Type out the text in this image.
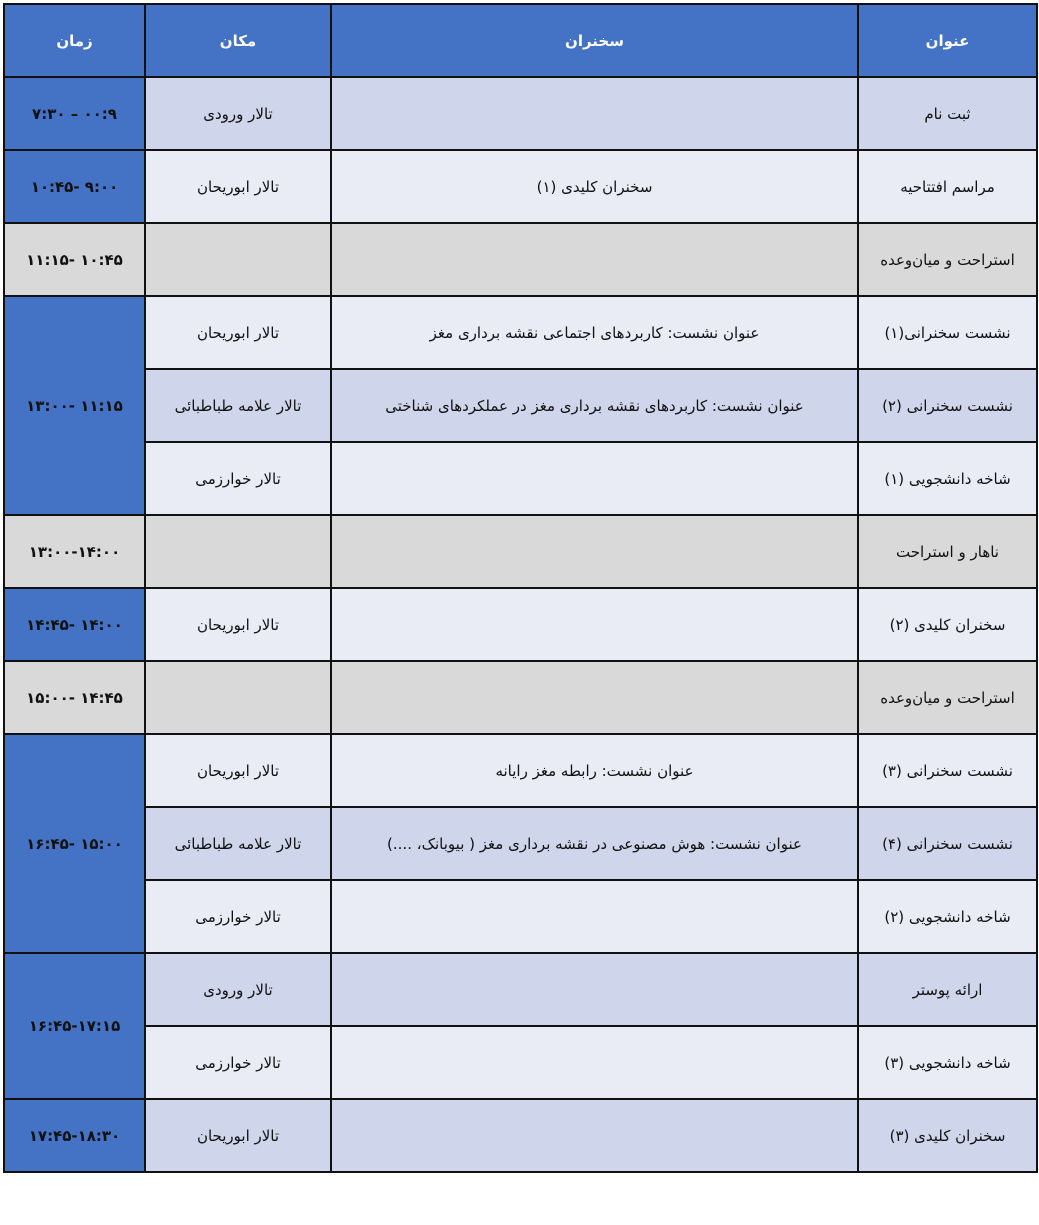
زمان	مکان	سخنران	عنوان
۰۰:۹ – ۷:۳۰	تالار ورودی		ثبت نام
۹:۰۰ -۱۰:۴۵	تالار ابوریحان	سخنران کلیدی (۱)	مراسم افتتاحیه
۱۰:۴۵ -۱۱:۱۵			استراحت و میان‌وعده
۱۱:۱۵ -۱۳:۰۰	تالار ابوریحان	عنوان نشست: کاربردهای اجتماعی نقشه برداری مغز	نشست سخنرانی(۱)
	تالار علامه طباطبائی	عنوان نشست: کاربردهای نقشه برداری مغز در عملکردهای شناختی	نشست سخنرانی (۲)
	تالار خوارزمی		شاخه دانشجویی (۱)
۱۳:۰۰-۱۴:۰۰			ناهار و استراحت
۱۴:۰۰ -۱۴:۴۵	تالار ابوریحان		سخنران کلیدی (۲)
۱۴:۴۵ -۱۵:۰۰			استراحت و میان‌وعده
۱۵:۰۰ -۱۶:۴۵	تالار ابوریحان	عنوان نشست: رابطه مغز رایانه	نشست سخنرانی (۳)
	تالار علامه طباطبائی	عنوان نشست: هوش مصنوعی در نقشه برداری مغز ( بیوبانک، ....)	نشست سخنرانی (۴)
	تالار خوارزمی		شاخه دانشجویی (۲)
۱۶:۴۵-۱۷:۱۵	تالار ورودی		ارائه پوستر
	تالار خوارزمی		شاخه دانشجویی (۳)
۱۷:۴۵-۱۸:۳۰	تالار ابوریحان		سخنران کلیدی (۳)
